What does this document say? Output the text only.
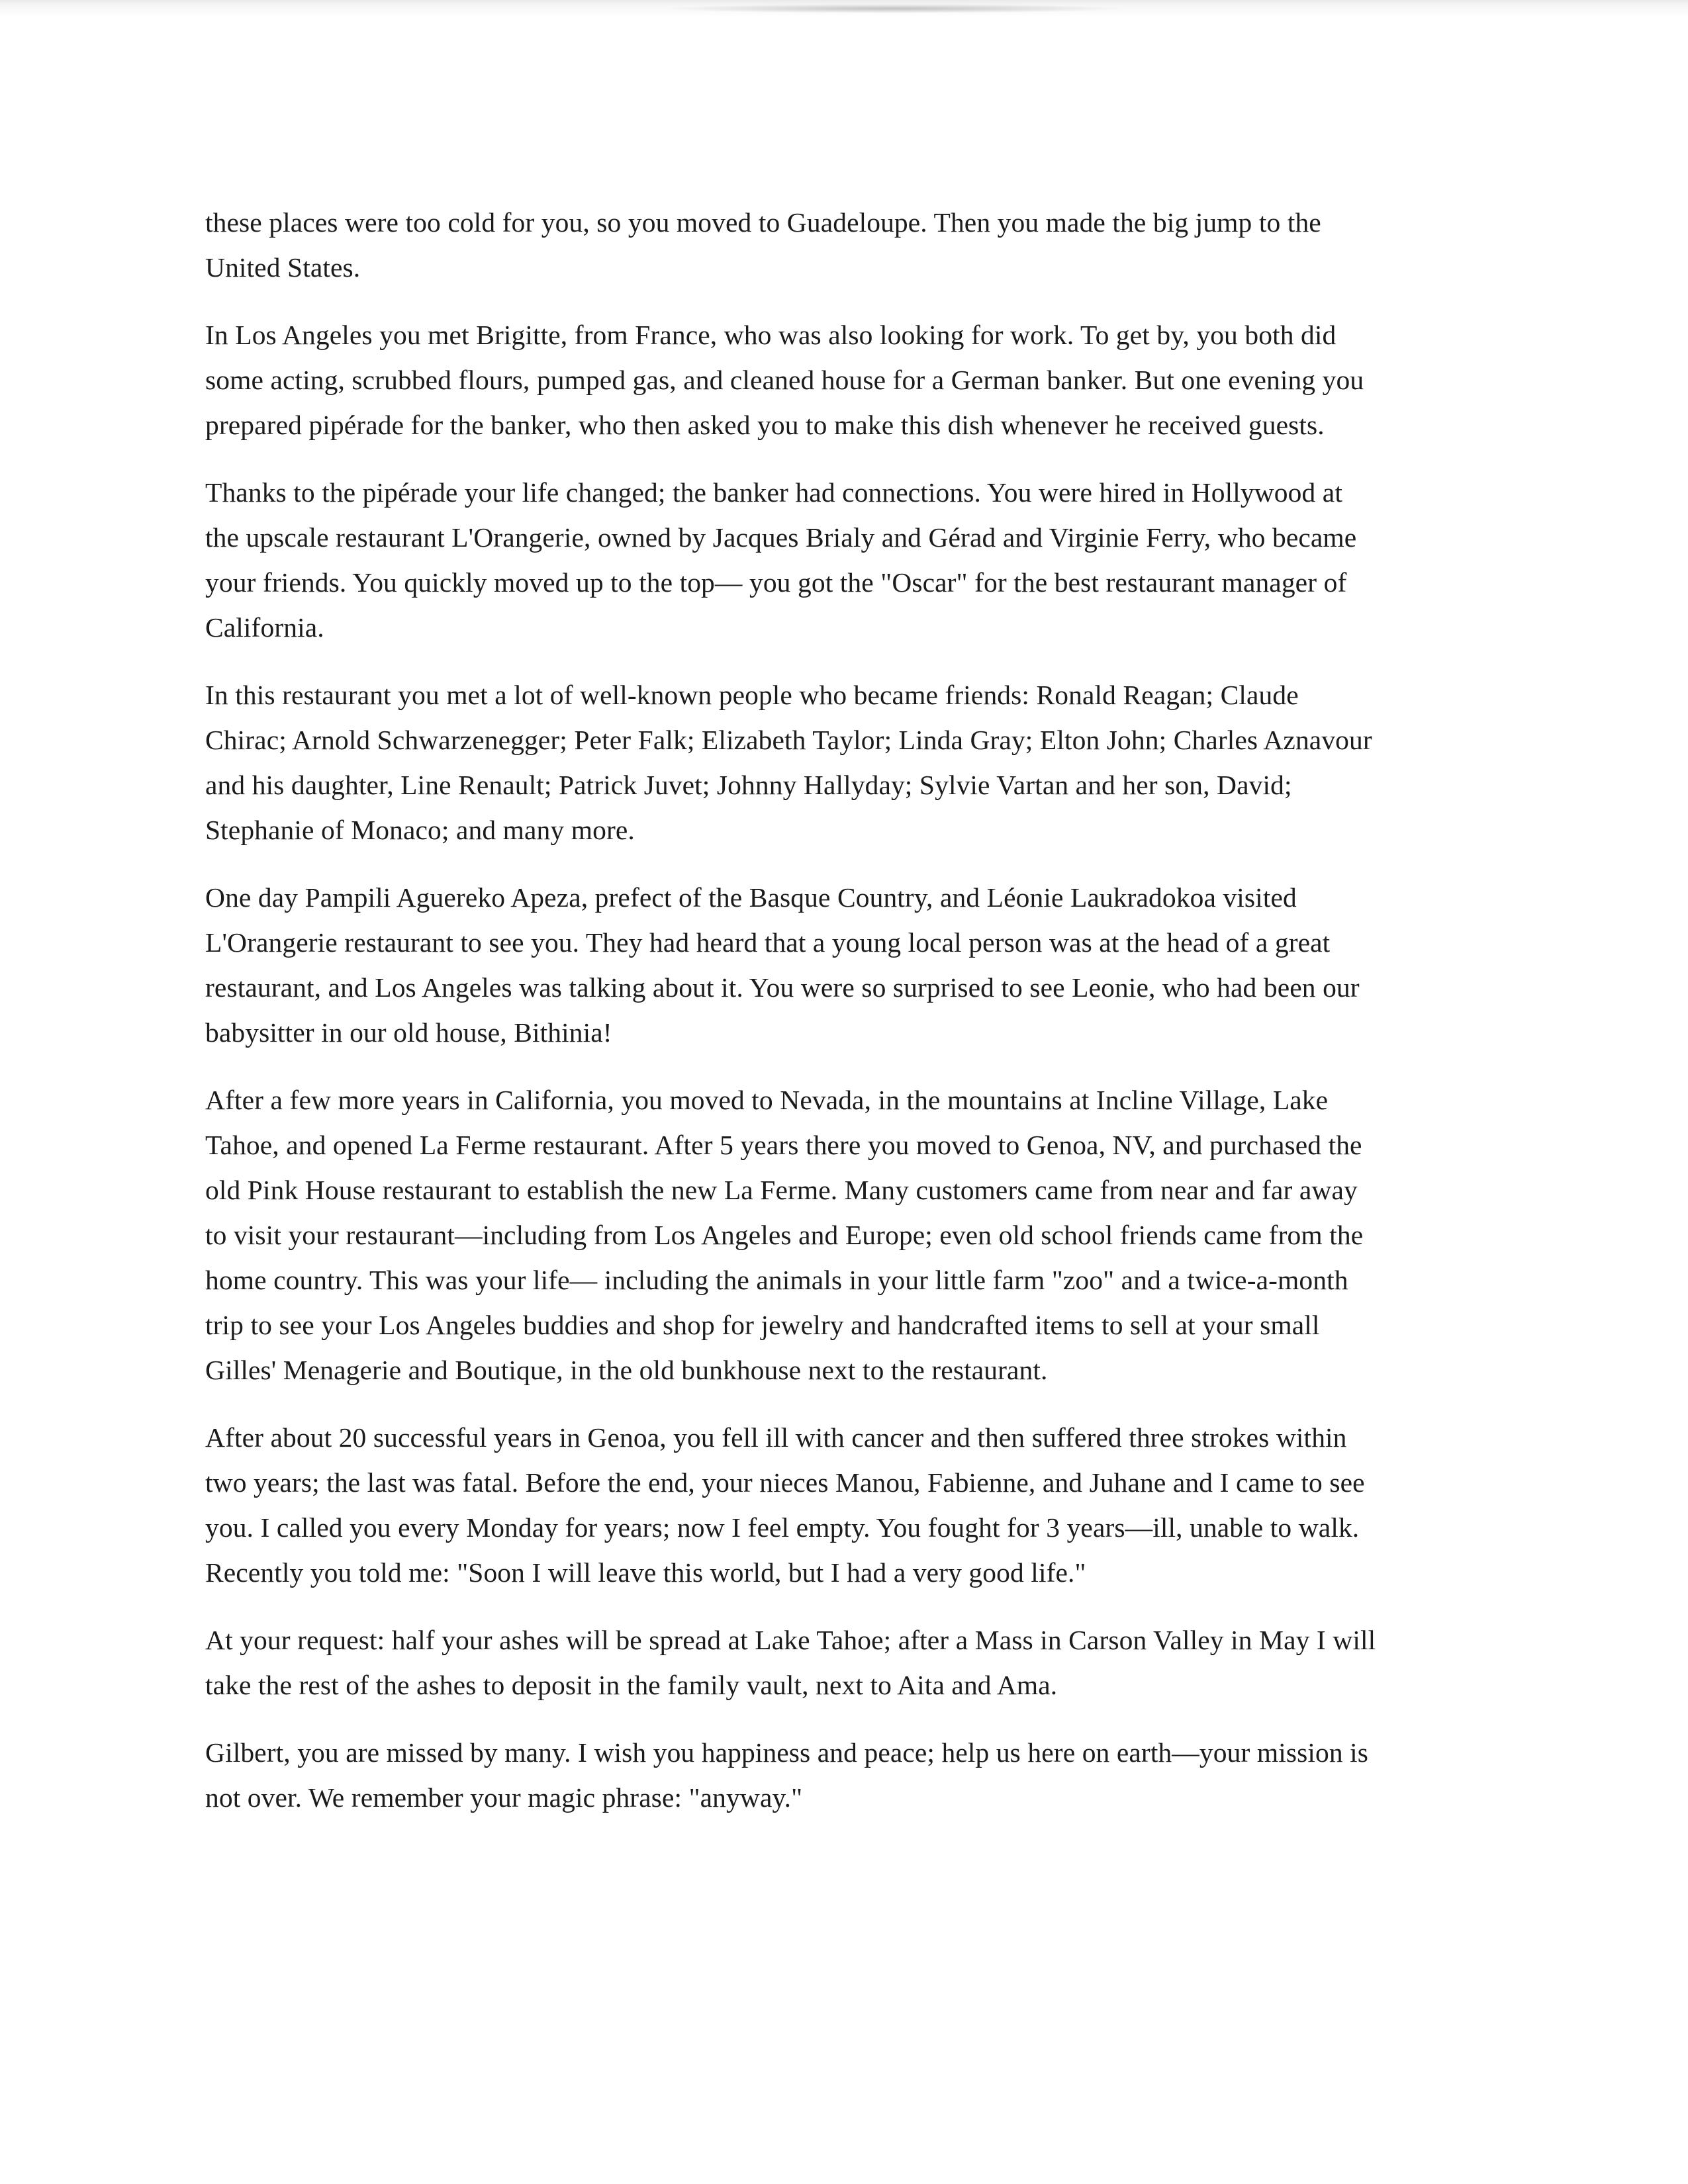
these places were too cold for you, so you moved to Guadeloupe. Then you made the big jump to the
United States.

In Los Angeles you met Brigitte, from France, who was also looking for work. To get by, you both did
some acting, scrubbed flours, pumped gas, and cleaned house for a German banker. But one evening you
prepared pipérade for the banker, who then asked you to make this dish whenever he received guests.

Thanks to the pipérade your life changed; the banker had connections. You were hired in Hollywood at
the upscale restaurant L'Orangerie, owned by Jacques Brialy and Gérad and Virginie Ferry, who became
your friends. You quickly moved up to the top— you got the "Oscar" for the best restaurant manager of
California.

In this restaurant you met a lot of well-known people who became friends: Ronald Reagan; Claude
Chirac; Arnold Schwarzenegger; Peter Falk; Elizabeth Taylor; Linda Gray; Elton John; Charles Aznavour
and his daughter, Line Renault; Patrick Juvet; Johnny Hallyday; Sylvie Vartan and her son, David;
Stephanie of Monaco; and many more.

One day Pampili Aguereko Apeza, prefect of the Basque Country, and Léonie Laukradokoa visited
L'Orangerie restaurant to see you. They had heard that a young local person was at the head of a great
restaurant, and Los Angeles was talking about it. You were so surprised to see Leonie, who had been our
babysitter in our old house, Bithinia!

After a few more years in California, you moved to Nevada, in the mountains at Incline Village, Lake
Tahoe, and opened La Ferme restaurant. After 5 years there you moved to Genoa, NV, and purchased the
old Pink House restaurant to establish the new La Ferme. Many customers came from near and far away
to visit your restaurant—including from Los Angeles and Europe; even old school friends came from the
home country. This was your life— including the animals in your little farm "zoo" and a twice-a-month
trip to see your Los Angeles buddies and shop for jewelry and handcrafted items to sell at your small
Gilles' Menagerie and Boutique, in the old bunkhouse next to the restaurant.

After about 20 successful years in Genoa, you fell ill with cancer and then suffered three strokes within
two years; the last was fatal. Before the end, your nieces Manou, Fabienne, and Juhane and I came to see
you. I called you every Monday for years; now I feel empty. You fought for 3 years—ill, unable to walk.
Recently you told me: "Soon I will leave this world, but I had a very good life."

At your request: half your ashes will be spread at Lake Tahoe; after a Mass in Carson Valley in May I will
take the rest of the ashes to deposit in the family vault, next to Aita and Ama.

Gilbert, you are missed by many. I wish you happiness and peace; help us here on earth—your mission is
not over. We remember your magic phrase: "anyway."
